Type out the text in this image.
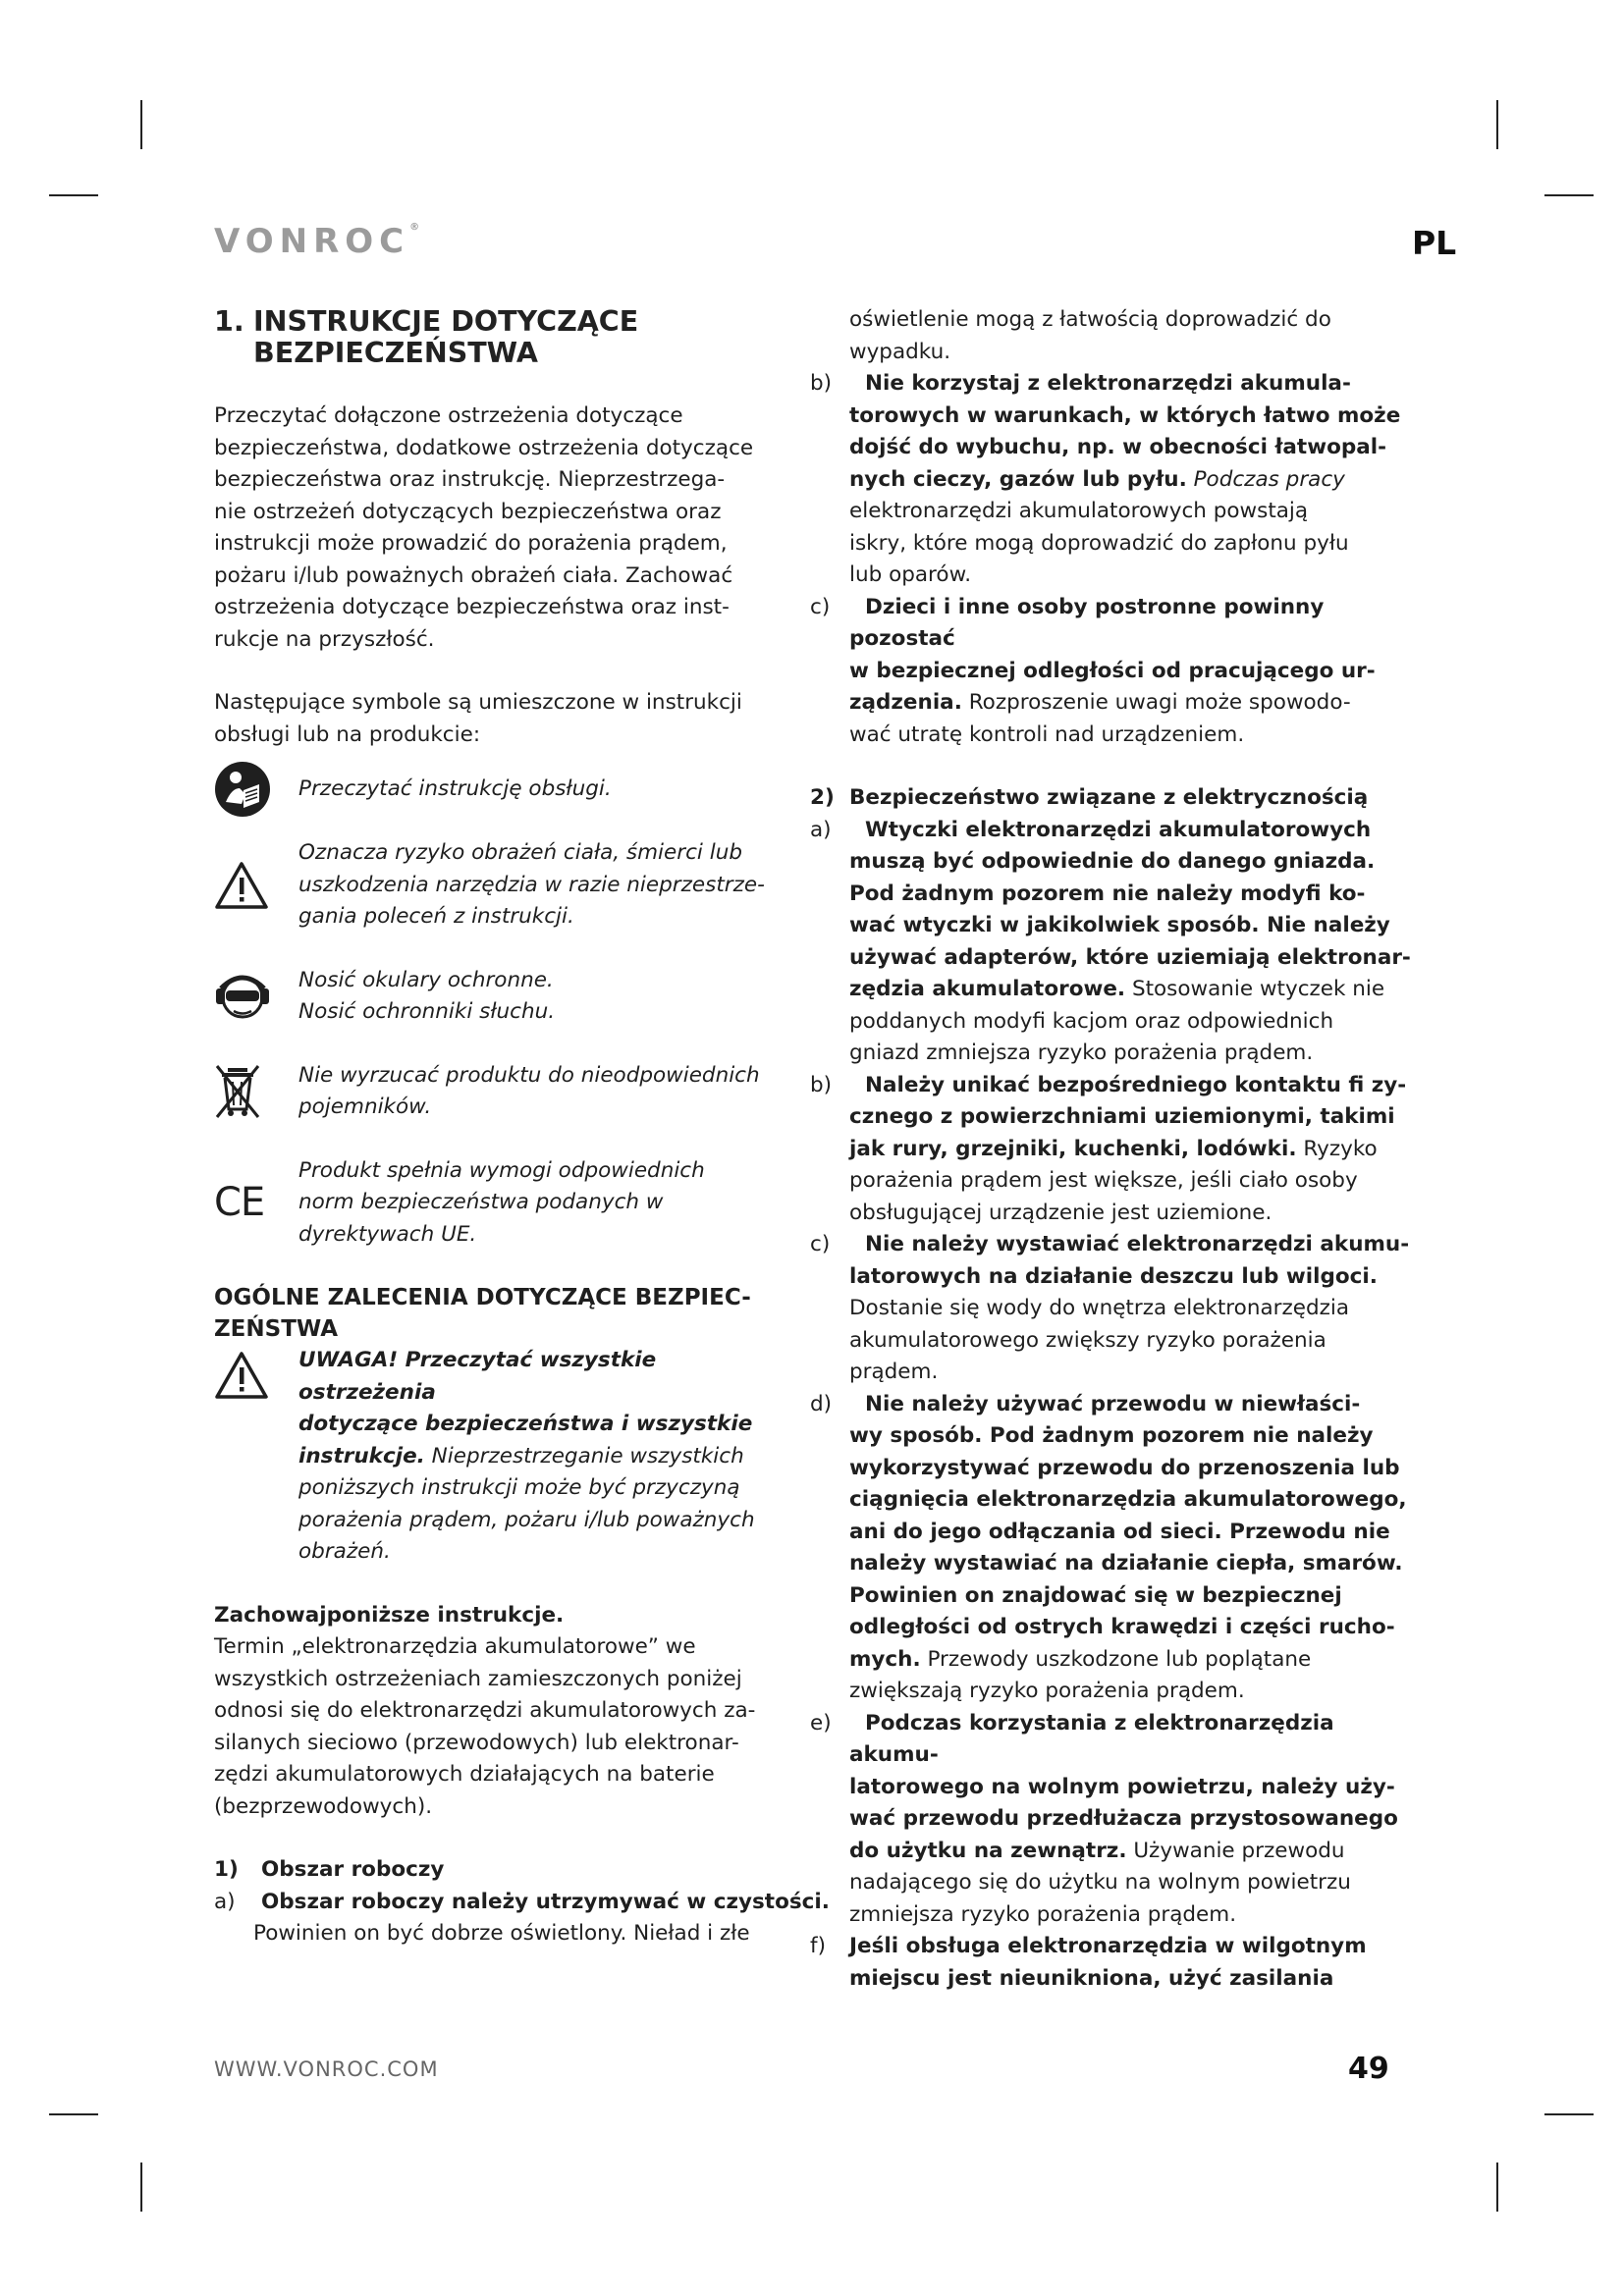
VONROC®	PL
1. INSTRUKCJE DOTYCZĄCE
BEZPIECZEŃSTWA
Przeczytać dołączone ostrzeżenia dotyczące
bezpieczeństwa, dodatkowe ostrzeżenia dotyczące
bezpieczeństwa oraz instrukcję. Nieprzestrzega-
nie ostrzeżeń dotyczących bezpieczeństwa oraz
instrukcji może prowadzić do porażenia prądem,
pożaru i/lub poważnych obrażeń ciała. Zachować
ostrzeżenia dotyczące bezpieczeństwa oraz inst-
rukcje na przyszłość.
Następujące symbole są umieszczone w instrukcji
obsługi lub na produkcie:
Przeczytać instrukcję obsługi.
Oznacza ryzyko obrażeń ciała, śmierci lub
uszkodzenia narzędzia w razie nieprzestrze-
gania poleceń z instrukcji.
Nosić okulary ochronne.
Nosić ochronniki słuchu.
Nie wyrzucać produktu do nieodpowiednich
pojemników.
CE
Produkt spełnia wymogi odpowiednich
norm bezpieczeństwa podanych w
dyrektywach UE.
OGÓLNE ZALECENIA DOTYCZĄCE BEZPIEC-
ZEŃSTWA
UWAGA! Przeczytać wszystkie ostrzeżenia
dotyczące bezpieczeństwa i wszystkie
instrukcje. Nieprzestrzeganie wszystkich
poniższych instrukcji może być przyczyną
porażenia prądem, pożaru i/lub poważnych
obrażeń.
Zachowajponiższe instrukcje.
Termin „elektronarzędzia akumulatorowe” we
wszystkich ostrzeżeniach zamieszczonych poniżej
odnosi się do elektronarzędzi akumulatorowych za-
silanych sieciowo (przewodowych) lub elektronar-
zędzi akumulatorowych działających na baterie
(bezprzewodowych).
1)	Obszar roboczy
a)	Obszar roboczy należy utrzymywać w czystości.
Powinien on być dobrze oświetlony. Nieład i złe
oświetlenie mogą z łatwością doprowadzić do
wypadku.
b)	Nie korzystaj z elektronarzędzi akumula-
torowych w warunkach, w których łatwo może
dojść do wybuchu, np. w obecności łatwopal-
nych cieczy, gazów lub pyłu. Podczas pracy
elektronarzędzi akumulatorowych powstają
iskry, które mogą doprowadzić do zapłonu pyłu
lub oparów.
c)	Dzieci i inne osoby postronne powinny pozostać
w bezpiecznej odległości od pracującego ur-
ządzenia. Rozproszenie uwagi może spowodo-
wać utratę kontroli nad urządzeniem.
2) Bezpieczeństwo związane z elektrycznością
a)	Wtyczki elektronarzędzi akumulatorowych
muszą być odpowiednie do danego gniazda.
Pod żadnym pozorem nie należy modyfi ko-
wać wtyczki w jakikolwiek sposób. Nie należy
używać adapterów, które uziemiają elektronar-
zędzia akumulatorowe. Stosowanie wtyczek nie
poddanych modyfi kacjom oraz odpowiednich
gniazd zmniejsza ryzyko porażenia prądem.
b)	Należy unikać bezpośredniego kontaktu fi zy-
cznego z powierzchniami uziemionymi, takimi
jak rury, grzejniki, kuchenki, lodówki. Ryzyko
porażenia prądem jest większe, jeśli ciało osoby
obsługującej urządzenie jest uziemione.
c)	Nie należy wystawiać elektronarzędzi akumu-
latorowych na działanie deszczu lub wilgoci.
Dostanie się wody do wnętrza elektronarzędzia
akumulatorowego zwiększy ryzyko porażenia
prądem.
d)	Nie należy używać przewodu w niewłaści-
wy sposób. Pod żadnym pozorem nie należy
wykorzystywać przewodu do przenoszenia lub
ciągnięcia elektronarzędzia akumulatorowego,
ani do jego odłączania od sieci. Przewodu nie
należy wystawiać na działanie ciepła, smarów.
Powinien on znajdować się w bezpiecznej
odległości od ostrych krawędzi i części rucho-
mych. Przewody uszkodzone lub poplątane
zwiększają ryzyko porażenia prądem.
e)	Podczas korzystania z elektronarzędzia akumu-
latorowego na wolnym powietrzu, należy uży-
wać przewodu przedłużacza przystosowanego
do użytku na zewnątrz. Używanie przewodu
nadającego się do użytku na wolnym powietrzu
zmniejsza ryzyko porażenia prądem.
f)	Jeśli obsługa elektronarzędzia w wilgotnym
miejscu jest nieunikniona, użyć zasilania
WWW.VONROC.COM	49
